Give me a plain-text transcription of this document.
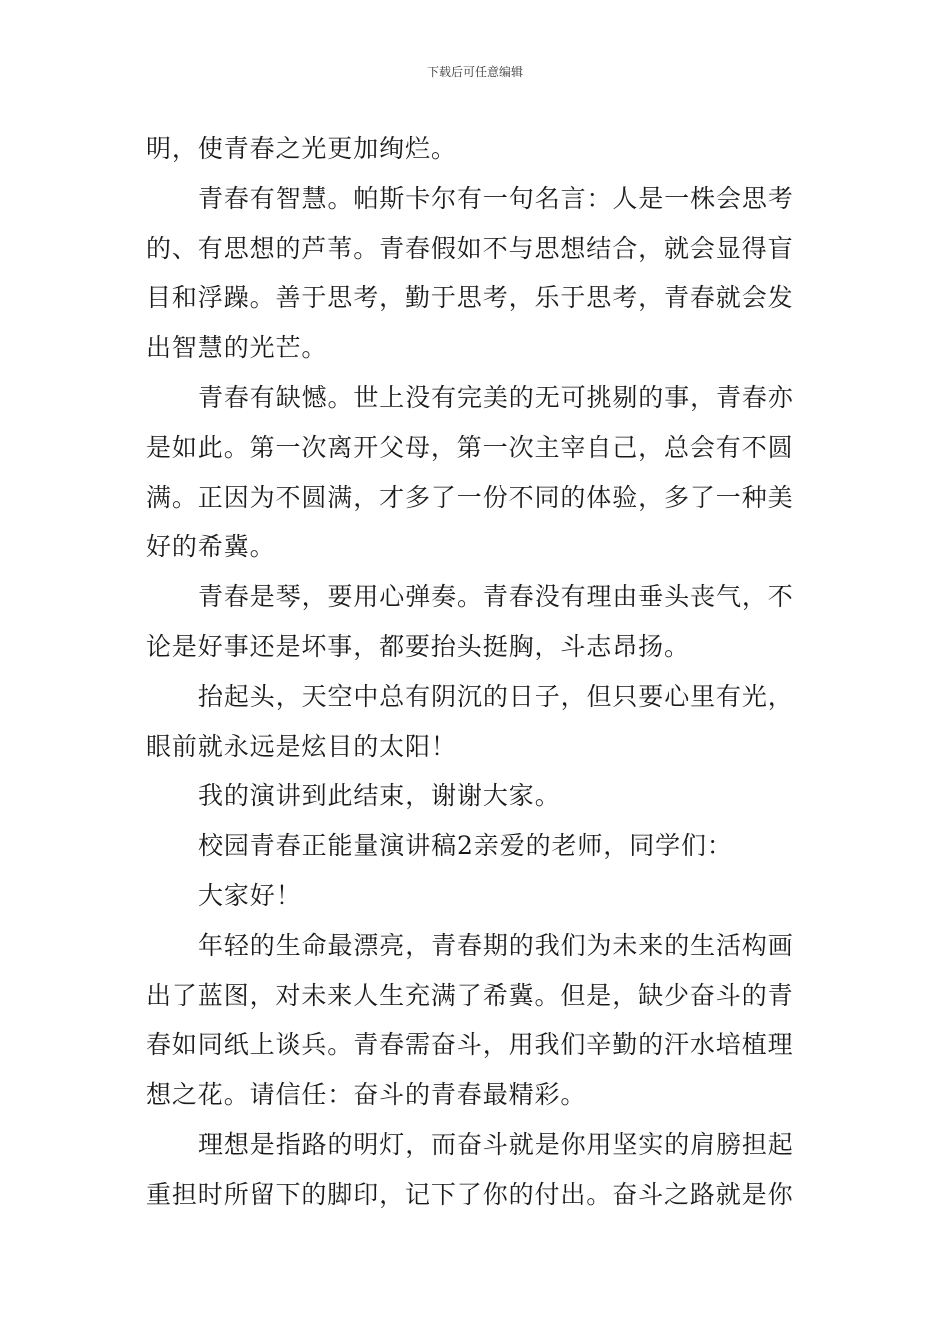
下载后可任意编辑
明，使青春之光更加绚烂。
青春有智慧。帕斯卡尔有一句名言：人是一株会思考
的、有思想的芦苇。青春假如不与思想结合，就会显得盲
目和浮躁。善于思考，勤于思考，乐于思考，青春就会发
出智慧的光芒。
青春有缺憾。世上没有完美的无可挑剔的事，青春亦
是如此。第一次离开父母，第一次主宰自己，总会有不圆
满。正因为不圆满，才多了一份不同的体验，多了一种美
好的希冀。
青春是琴，要用心弹奏。青春没有理由垂头丧气，不
论是好事还是坏事，都要抬头挺胸，斗志昂扬。
抬起头，天空中总有阴沉的日子，但只要心里有光，
眼前就永远是炫目的太阳！
我的演讲到此结束，谢谢大家。
校园青春正能量演讲稿2亲爱的老师，同学们：
大家好！
年轻的生命最漂亮，青春期的我们为未来的生活构画
出了蓝图，对未来人生充满了希冀。但是，缺少奋斗的青
春如同纸上谈兵。青春需奋斗，用我们辛勤的汗水培植理
想之花。请信任：奋斗的青春最精彩。
理想是指路的明灯，而奋斗就是你用坚实的肩膀担起
重担时所留下的脚印，记下了你的付出。奋斗之路就是你
